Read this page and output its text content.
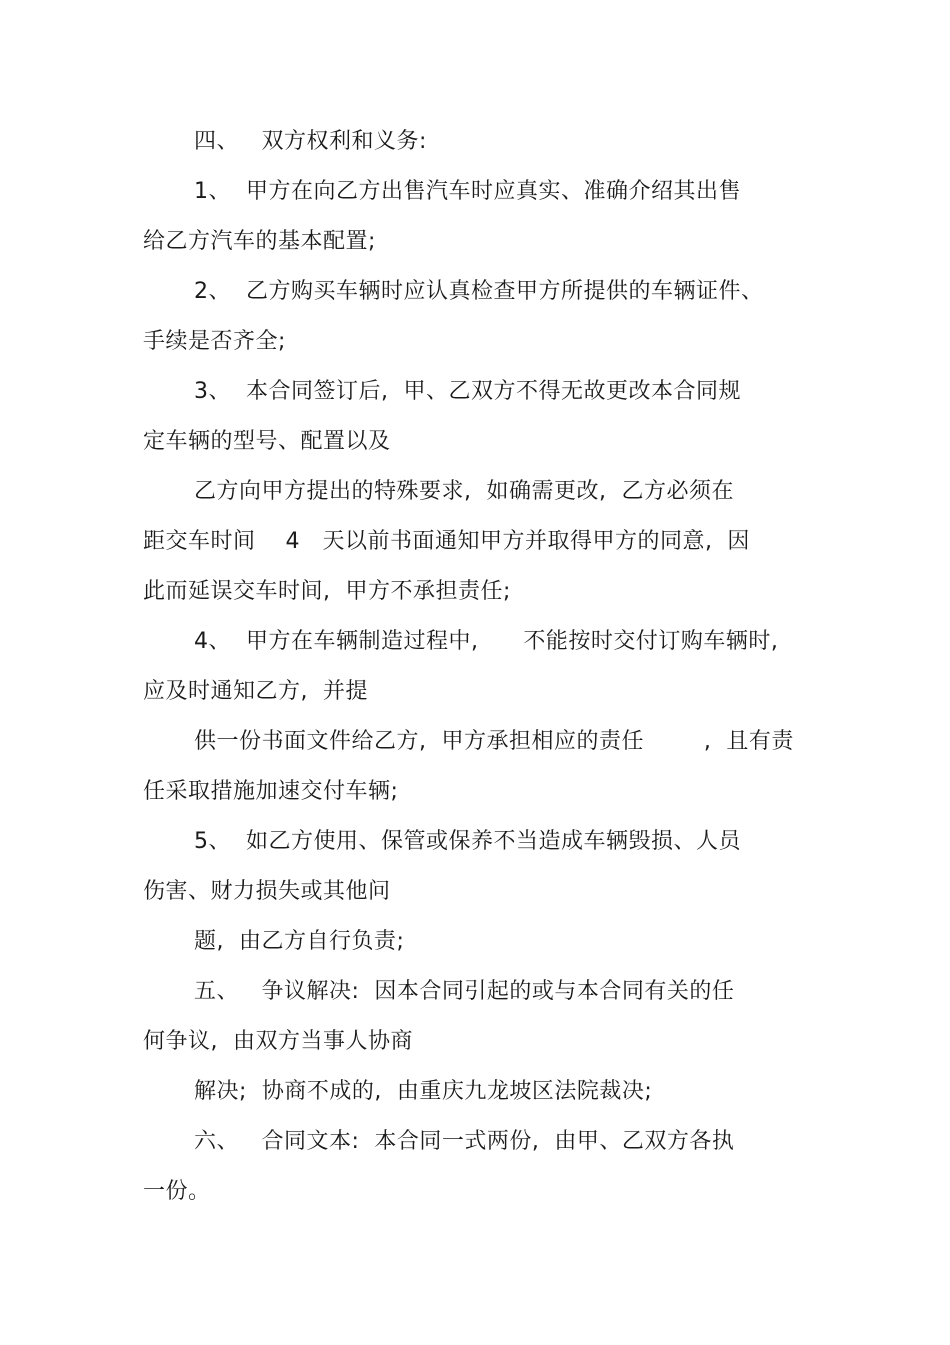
四、   双方权利和义务:
1、  甲方在向乙方出售汽车时应真实、准确介绍其出售
给乙方汽车的基本配置;
2、  乙方购买车辆时应认真检查甲方所提供的车辆证件、
手续是否齐全;
3、  本合同签订后,  甲、乙双方不得无故更改本合同规
定车辆的型号、配置以及
乙方向甲方提出的特殊要求,  如确需更改,  乙方必须在
距交车时间    4   天以前书面通知甲方并取得甲方的同意,  因
此而延误交车时间,  甲方不承担责任;
4、  甲方在车辆制造过程中,      不能按时交付订购车辆时,
应及时通知乙方,  并提
供一份书面文件给乙方,  甲方承担相应的责任        ,  且有责
任采取措施加速交付车辆;
5、  如乙方使用、保管或保养不当造成车辆毁损、人员
伤害、财力损失或其他问
题,  由乙方自行负责;
五、   争议解决:  因本合同引起的或与本合同有关的任
何争议,  由双方当事人协商
解决;  协商不成的,  由重庆九龙坡区法院裁决;
六、   合同文本:  本合同一式两份,  由甲、乙双方各执
一份。
